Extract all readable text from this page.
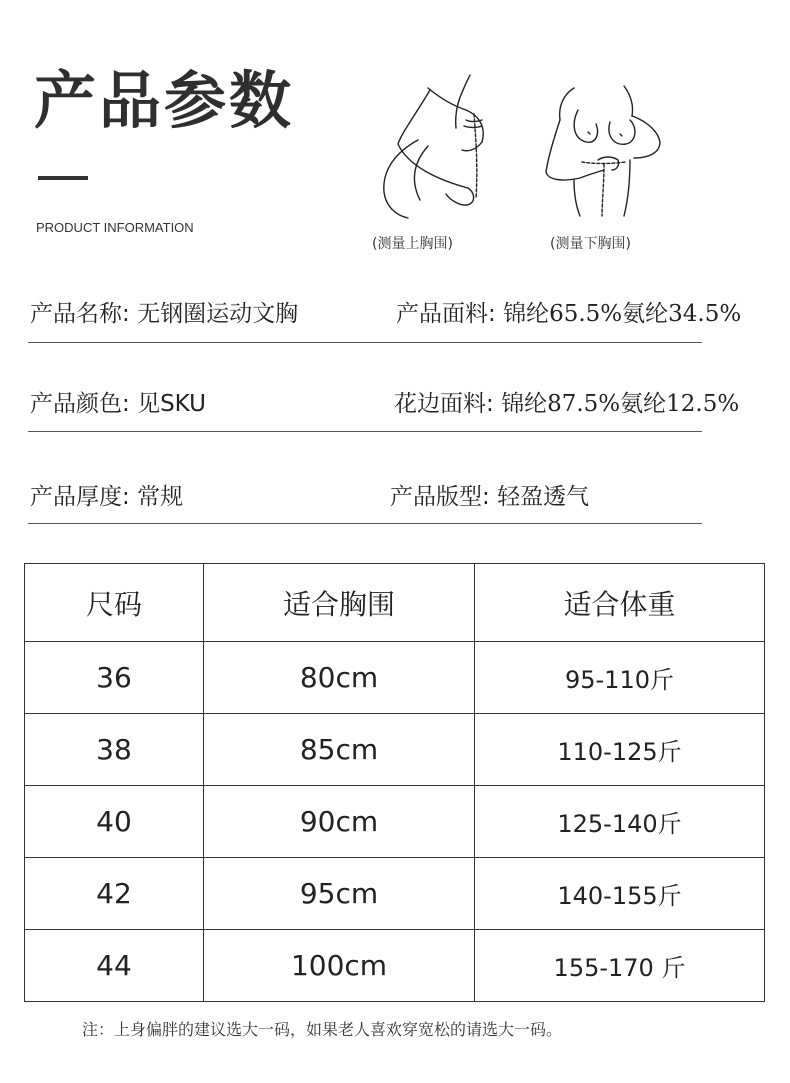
产品参数
PRODUCT INFORMATION
(测量上胸围)	(测量下胸围)
产品名称: 无钢圈运动文胸	产品面料: 锦纶65.5%氨纶34.5%
产品颜色: 见SKU	花边面料: 锦纶87.5%氨纶12.5%
产品厚度: 常规	产品版型: 轻盈透气
尺码	适合胸围	适合体重
36	80cm	95-110斤
38	85cm	110-125斤
40	90cm	125-140斤
42	95cm	140-155斤
44	100cm	155-170 斤
注：上身偏胖的建议选大一码，如果老人喜欢穿宽松的请选大一码。
